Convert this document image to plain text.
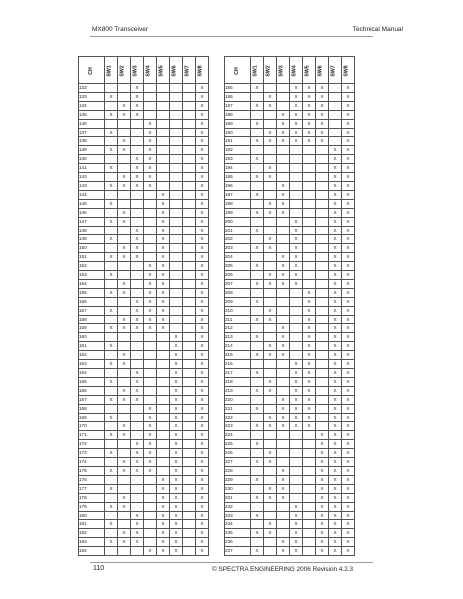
MX800 Transceiver	Technical Manual
CH	SW1	SW2	SW3	SW4	SW5	SW6	SW7	SW8
132			X					X
133	X		X					X
134		X	X					X
135	X	X	X					X
136				X				X
137	X			X				X
138		X		X				X
139	X	X		X				X
140			X	X				X
141	X		X	X				X
142		X	X	X				X
143	X	X	X	X				X
144					X			X
145	X				X			X
146		X			X			X
147	X	X			X			X
148			X		X			X
149	X		X		X			X
150		X	X		X			X
151	X	X	X		X			X
152				X	X			X
153	X			X	X			X
154		X		X	X			X
155	X	X		X	X			X
156			X	X	X			X
157	X		X	X	X			X
158		X	X	X	X			X
159	X	X	X	X	X			X
160						X		X
161	X					X		X
162		X				X		X
163	X	X				X		X
164			X			X		X
165	X		X			X		X
166		X	X			X		X
167	X	X	X			X		X
168				X		X		X
169	X			X		X		X
170		X		X		X		X
171	X	X		X		X		X
172			X	X		X		X
173	X		X	X		X		X
174		X	X	X		X		X
175	X	X	X	X		X		X
176					X	X		X
177	X				X	X		X
178		X			X	X		X
179	X	X			X	X		X
180			X		X	X		X
181	X		X		X	X		X
182		X	X		X	X		X
183	X	X	X		X	X		X
184				X	X	X		X
CH	SW1	SW2	SW3	SW4	SW5	SW6	SW7	SW8
185	X			X	X	X		X
186		X		X	X	X		X
187	X	X		X	X	X		X
188			X	X	X	X		X
189	X		X	X	X	X		X
190		X	X	X	X	X		X
191	X	X	X	X	X	X		X
192							X	X
193	X						X	X
194		X					X	X
195	X	X					X	X
196			X				X	X
197	X		X				X	X
198		X	X				X	X
199	X	X	X				X	X
200				X			X	X
201	X			X			X	X
202		X		X			X	X
203	X	X		X			X	X
204			X	X			X	X
205	X		X	X			X	X
206		X	X	X			X	X
207	X	X	X	X			X	X
208					X		X	X
209	X				X		X	X
210		X			X		X	X
211	X	X			X		X	X
212			X		X		X	X
213	X		X		X		X	X
214		X	X		X		X	X
215	X	X	X		X		X	X
216				X	X		X	X
217	X			X	X		X	X
218		X		X	X		X	X
219	X	X		X	X		X	X
220			X	X	X		X	X
221	X		X	X	X		X	X
222		X	X	X	X		X	X
223	X	X	X	X	X		X	X
224						X	X	X
225	X					X	X	X
226		X				X	X	X
227	X	X				X	X	X
228			X			X	X	X
229	X		X			X	X	X
230		X	X			X	X	X
231	X	X	X			X	X	X
232				X		X	X	X
233	X			X		X	X	X
234		X		X		X	X	X
235	X	X		X		X	X	X
236			X	X		X	X	X
237	X		X	X		X	X	X
110	© SPECTRA ENGINEERING 2006 Revision 4.2.3
